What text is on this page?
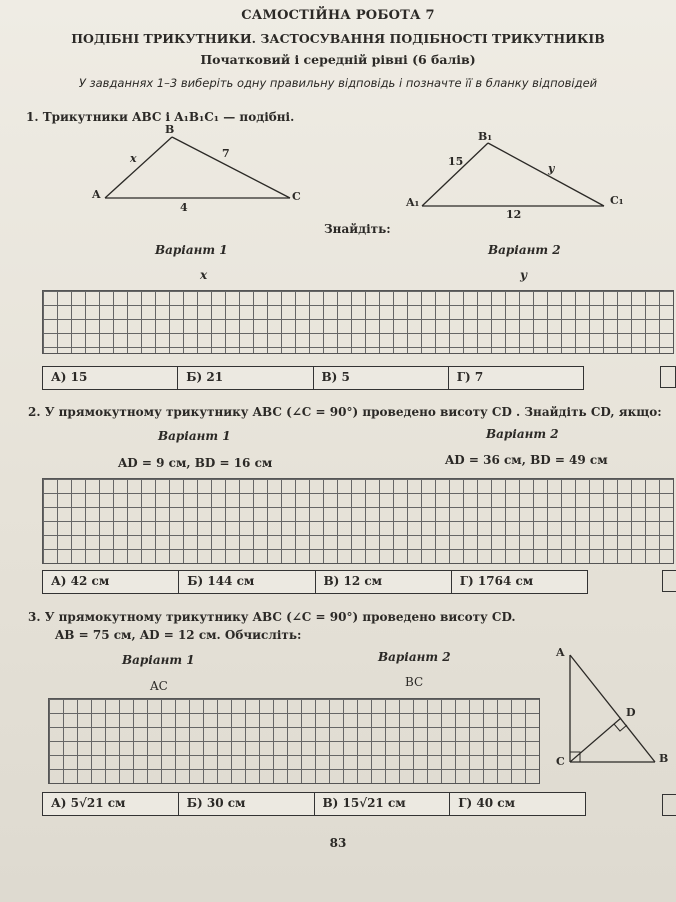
САМОСТІЙНА РОБОТА 7
ПОДІБНІ ТРИКУТНИКИ. ЗАСТОСУВАННЯ ПОДІБНОСТІ ТРИКУТНИКІВ
Початковий і середній рівні (6 балів)
У завданнях 1–3 виберіть одну правильну відповідь і позначте її в бланку відповідей
1. Трикутники ABC і A₁B₁C₁ — подібні.
A
B
C
x	7
4	A₁
B₁
C₁
15
y
12
Знайдіть:
Варіант 1	Варіант 2
x	y
А) 15	Б) 21	В) 5	Г) 7
2. У прямокутному трикутнику ABC (∠C = 90°) проведено висоту CD . Знайдіть CD, якщо:
Варіант 1	Варіант 2
AD = 9 см, BD = 16 см	AD = 36 см, BD = 49 см
А) 42 см	Б) 144 см	В) 12 см	Г) 1764 см
3. У прямокутному трикутнику ABC (∠C = 90°) проведено висоту CD.
AB = 75 см, AD = 12 см. Обчисліть:
Варіант 1	Варіант 2
AC	BC
A
B
C
D
А) 5√21 см	Б) 30 см	В) 15√21 см	Г) 40 см
83
